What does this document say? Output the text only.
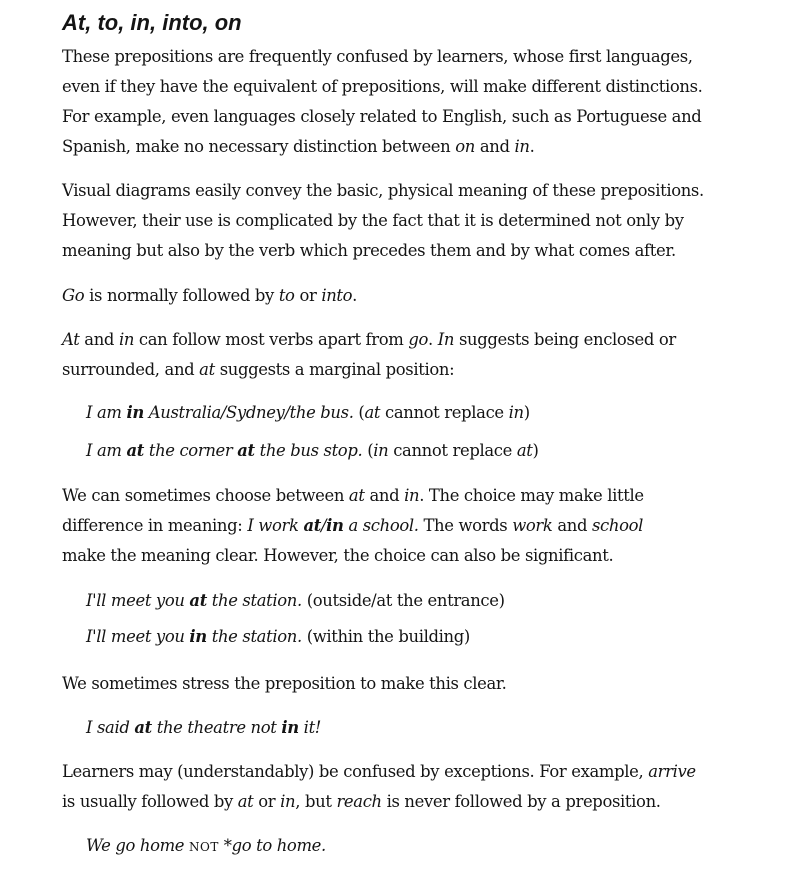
At, to, in, into, on

These prepositions are frequently confused by learners, whose first languages,
even if they have the equivalent of prepositions, will make different distinctions.
For example, even languages closely related to English, such as Portuguese and
Spanish, make no necessary distinction between on and in.

Visual diagrams easily convey the basic, physical meaning of these prepositions.
However, their use is complicated by the fact that it is determined not only by
meaning but also by the verb which precedes them and by what comes after.

Go is normally followed by to or into.

At and in can follow most verbs apart from go. In suggests being enclosed or
surrounded, and at suggests a marginal position:

I am in Australia/Sydney/the bus. (at cannot replace in)

I am at the corner at the bus stop. (in cannot replace at)

We can sometimes choose between at and in. The choice may make little
difference in meaning: I work at/in a school. The words work and school
make the meaning clear. However, the choice can also be significant.

I'll meet you at the station. (outside/at the entrance)

I'll meet you in the station. (within the building)

We sometimes stress the preposition to make this clear.

I said at the theatre not in it!

Learners may (understandably) be confused by exceptions. For example, arrive
is usually followed by at or in, but reach is never followed by a preposition.

We go home NOT *go to home.
